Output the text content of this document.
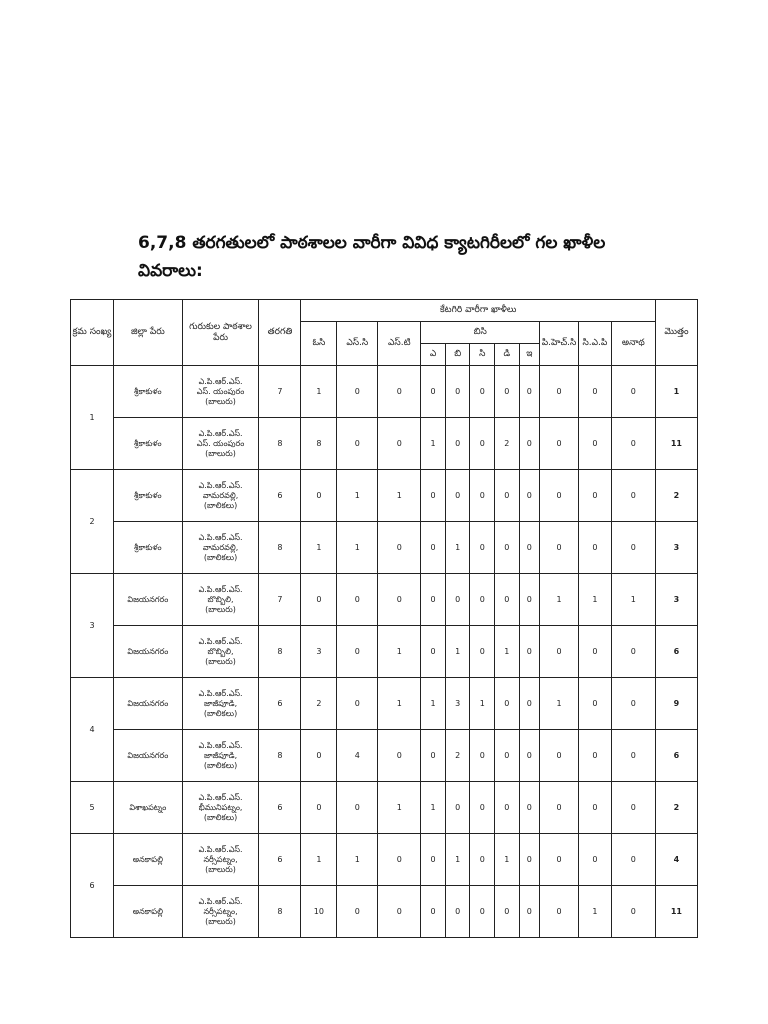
6,7,8 తరగతులలో పాఠశాలల వారీగా వివిధ క్యాటగిరీలలో గల ఖాళీల వివరాలు:
క్రమ సంఖ్య	జిల్లా పేరు	గురుకుల పాఠశాల పేరు	తరగతి	కేటగిరి వారీగా ఖాళీలు											మొత్తం
				ఓసి	ఎస్.సి	ఎస్.టి	బిసి					పి.హెచ్.సి	సి.ఎ.పి	అనాథ	
							ఎ	బి	సి	డి	ఇ				
1	శ్రీకాకుళం	ఎ.పి.ఆర్.ఎస్.
ఎస్. యంపురం
(బాలురు)	7	1	0	0	0	0	0	0	0	0	0	0	1
	శ్రీకాకుళం	ఎ.పి.ఆర్.ఎస్.
ఎస్. యంపురం
(బాలురు)	8	8	0	0	1	0	0	2	0	0	0	0	11
2	శ్రీకాకుళం	ఎ.పి.ఆర్.ఎస్.
వామరవల్లి,
(బాలికలు)	6	0	1	1	0	0	0	0	0	0	0	0	2
	శ్రీకాకుళం	ఎ.పి.ఆర్.ఎస్.
వామరవల్లి,
(బాలికలు)	8	1	1	0	0	1	0	0	0	0	0	0	3
3	విజయనగరం	ఎ.పి.ఆర్.ఎస్.
బొబ్బిలి,
(బాలురు)	7	0	0	0	0	0	0	0	0	1	1	1	3
	విజయనగరం	ఎ.పి.ఆర్.ఎస్.
బొబ్బిలి,
(బాలురు)	8	3	0	1	0	1	0	1	0	0	0	0	6
4	విజయనగరం	ఎ.పి.ఆర్.ఎస్.
జాజీపూడి,
(బాలికలు)	6	2	0	1	1	3	1	0	0	1	0	0	9
	విజయనగరం	ఎ.పి.ఆర్.ఎస్.
జాజీపూడి,
(బాలికలు)	8	0	4	0	0	2	0	0	0	0	0	0	6
5	విశాఖపట్నం	ఎ.పి.ఆర్.ఎస్.
భీమునిపట్నం,
(బాలికలు)	6	0	0	1	1	0	0	0	0	0	0	0	2
6	అనకాపల్లి	ఎ.పి.ఆర్.ఎస్.
నర్సీపట్నం,
(బాలురు)	6	1	1	0	0	1	0	1	0	0	0	0	4
	అనకాపల్లి	ఎ.పి.ఆర్.ఎస్.
నర్సీపట్నం,
(బాలురు)	8	10	0	0	0	0	0	0	0	0	1	0	11
